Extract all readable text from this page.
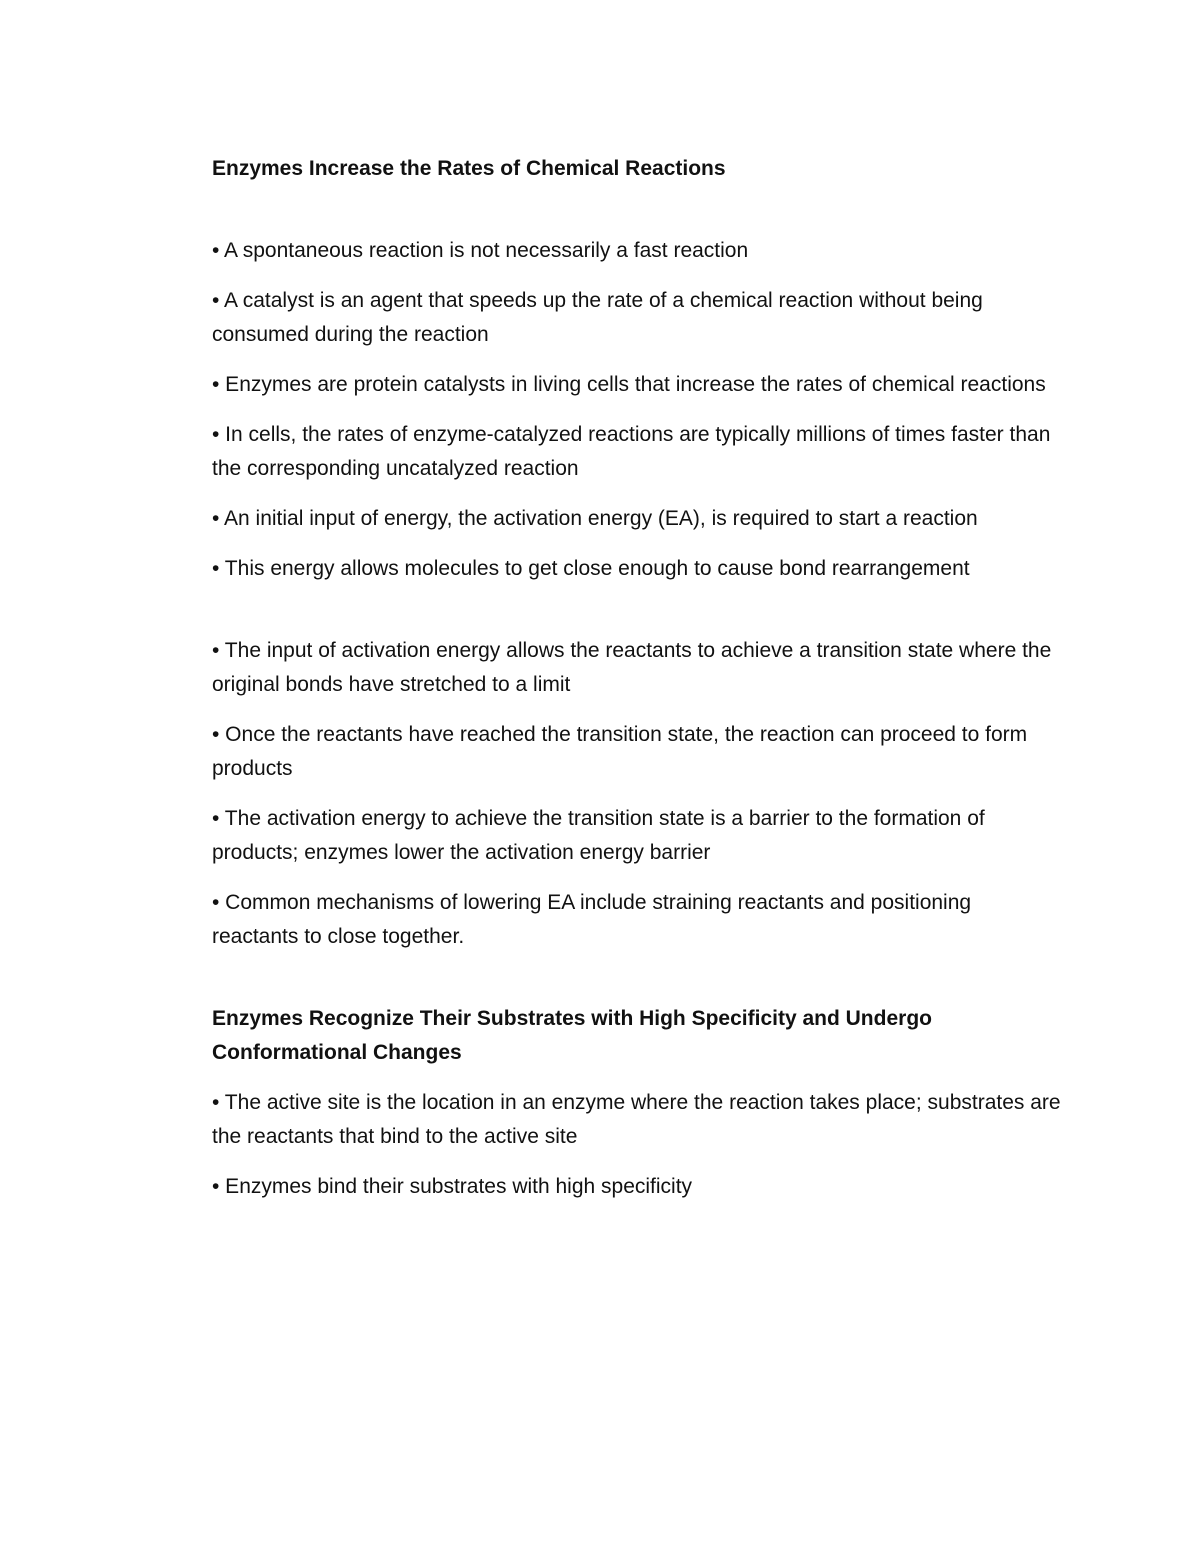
Enzymes Increase the Rates of Chemical Reactions

• A spontaneous reaction is not necessarily a fast reaction

• A catalyst is an agent that speeds up the rate of a chemical reaction without being consumed during the reaction

• Enzymes are protein catalysts in living cells that increase the rates of chemical reactions

• In cells, the rates of enzyme-catalyzed reactions are typically millions of times faster than the corresponding uncatalyzed reaction

• An initial input of energy, the activation energy (EA), is required to start a reaction

• This energy allows molecules to get close enough to cause bond rearrangement

• The input of activation energy allows the reactants to achieve a transition state where the original bonds have stretched to a limit

• Once the reactants have reached the transition state, the reaction can proceed to form products

• The activation energy to achieve the transition state is a barrier to the formation of products; enzymes lower the activation energy barrier

• Common mechanisms of lowering EA include straining reactants and positioning reactants to close together.

Enzymes Recognize Their Substrates with High Specificity and Undergo Conformational Changes

• The active site is the location in an enzyme where the reaction takes place; substrates are the reactants that bind to the active site

• Enzymes bind their substrates with high specificity
